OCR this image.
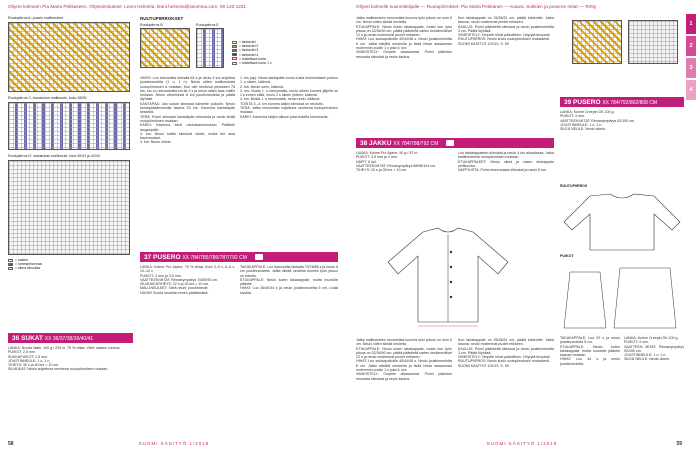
Ohjeet kolmeen Pia Maria Pekkaseen. Ohjetoimitukset: Leoni Helmiria, leoni.helmiria@ssomma.com, 09 123 1231
Ruutupiirros A: pussin mallineuleet
Ruutupiirros C: tumatorsin mallineule, koko 38/39
Ruutupiirros D: varsisukan mallineule, koot 40/41 ja 42/43
= vaalea
= tummanharmaa
= oikea silmukka
RUUTUPIIRROKSET
Ruutupiirros B	Ruutupiirros E
= lankaväri
= lankaväri 2
= lankaväri 3
= lankaväri 4
= toistettava kuvio
= toistettava kuvio 1 x
VARSI: Luo turkoosilla lankalla 64 s ja neulo 4 krs suljettua joustinneuletta (1 o, 1 n). Neulo sitten mallineuletta ruutupiirroksen A mukaan. Kun olet neulonut piirroksen 78 krs, luo s:n seuraavalla krs:lla 2 s ja neulo sitten taas mallin mukaan. Neulo viimeiseksi 8 krs joustinneuletta ja päätä löyhästi.
KANTAPÄÄ: Jaa sukan silmukat kahdelle puikolle. Neulo kantapääsilmukoilla tasona 20 krs. Kavenna kantaläpän keskellä.
TERÄ: Poimi silmukat kantaläpän reunoista ja neulo terää ruutupiirroksen mukaan.
KÄRKI: Kavenna kärki nauhakavennuksin. Päättele langanpäät.
3. krs: Neulo kaikki silmukat oikein, mutta tee aina kavennukset.
4. krs: Neulo oikein.
1. krs (ap): Neulo kantapään keski-s:ista ensimmäisen puikon 1. s oikein, käännä.
2. krs: Neulo nurin, käännä.
3. krs: Nosta 1. s neulomatta, neulo oikein kunnes jäljellä on 1 s ennen väliä, neulo 2 s oikein yhteen, käännä.
4. krs: Nosta 1. s neulomatta, neulo nurin, käännä.
TOISTA 3.–4. krs kunnes kaikki silmukat on neulottu.
TERÄ: Jatka neulomista suljettuna neuleena ruutupiirroksen mukaan.
KÄRKI: Kavenna kärjen alkuun joka toisella kerroksella.
37 PUSERO XX 784/785/786/787/792 CM
LANKA: Kolme Pro Alpine, 70 % villaa. Koot 3–5 v, 6–8 v, 10–12 v.
PUIKOT: 3 mm ja 3,5 mm.
VAATTEEN MITAT: Rinnanympärys 70/80/90 cm.
SILMUKKATIHEYS: 22 s ja 30 krs = 10 cm.
MALLINEULEET: Sileä neule, joustinneule.
HUOM! Sovita neuletta ennen päättämistä.
TAKAKAPPALE: Luo turkoosilla lankalla 70/78/86 s ja neulo 6 cm joustinneuletta. Jatka sileää neuletta kunnes työn pituus on haluttu.
ETUKAPPALE: Neulo kuten takakappale, mutta muotoile pääntie.
HIHAT: Luo 36/40/44 s ja neulo joustinneuletta 5 cm. Lisää sivuilta.
36 SUKAT XX 36/37/38/39/40/41
LANKA: Novita Nalle, 100 g / 225 m, 75 % villaa. Värit: vaalea, tumma.
PUIKOT: 2,5 mm.
SUKKAPUIKOT: 2,5 mm.
JOUSTINNEULE: 1 o, 1 n.
TIHEYS: 30 s ja 40 krs = 10 cm.
SILMUKAT: Neulo suljettuna neuleena ruutupiirroksen mukaan.
58	SUOMI KÄSITYÖ 1/2019
Ohjeet kolmelle suunnittelijalle — Ruutupiirrokset: Pia Maria Pekkanen — Kaava: Sukkien ja puseron mitat — Tehty
1
2
3
4
Jatka mallineuleen neulomista kunnes työn pituus on noin 6 cm. Neulo sitten sileää neuletta.
ETUKAPPALE: Neulo kuten takakappale, mutta kun työn pituus on 32/36/40 cm, päätä pääntietä varten keskimmäiset 12 s ja neulo molemmat puolet erikseen.
HIHAT: Luo sukkapuikoille 40/44/48 s. Neulo joustinneuletta 6 cm. Jatka sileällä neuleella ja lisää hihan alasauman molemmin puolin 1 s joka 6. krs.
VIIMEISTELY: Ompele olkasaumat. Poimi pääntien reunasta silmukat ja neulo kaulus.
Kun takakappale on 25/28/31 cm, päätä kädentiet. Jatka tasona, neulo molemmat puolet erikseen.
KAULUS: Poimi pääntieltä silmukat ja neulo joustinneuletta 3 cm. Päätä löyhästi.
VIIMEISTELY: Ompele hihat paikoilleen. Höyrytä kevyesti.
RUUTUPIIRROS: Neulo kuvio ruutupiirroksen mukaisesti.
SUOMI KÄSITYÖ 1/2019, S. 59
38 JAKKU XX 784/788/792 CM
LANKA: Kolme Pro Alpine, 50 g / 87 m.
PUIKOT: 3,5 mm ja 4 mm.
NAPIT: 6 kpl.
VAATTEEN MITAT: Rinnanympärys 88/96/104 cm.
TIHEYS: 20 s ja 28 krs = 10 cm.
Luo takakappaleen silmukat ja neulo 4 krs ainaoikeaa. Jatka mallineuleella ruutupiirroksen mukaan.
ETUKAPPALEET: Neulo oikea ja vasen etukappale peilikuvina.
NAPPILISTA: Poimi etureunasta silmukat ja neulo 6 krs.
Jatka mallineuleen neulomista kunnes työn pituus on noin 6 cm. Neulo sitten sileää neuletta.
ETUKAPPALE: Neulo kuten takakappale, mutta kun työn pituus on 32/36/40 cm, päätä pääntietä varten keskimmäiset 12 s ja neulo molemmat puolet erikseen.
HIHAT: Luo sukkapuikoille 40/44/48 s. Neulo joustinneuletta 6 cm. Jatka sileällä neuleella ja lisää hihan alasauman molemmin puolin 1 s joka 6. krs.
VIIMEISTELY: Ompele olkasaumat. Poimi pääntien reunasta silmukat ja neulo kaulus.
Kun takakappale on 25/28/31 cm, päätä kädentiet. Jatka tasona, neulo molemmat puolet erikseen.
KAULUS: Poimi pääntieltä silmukat ja neulo joustinneuletta 3 cm. Päätä löyhästi.
VIIMEISTELY: Ompele hihat paikoilleen. Höyrytä kevyesti.
RUUTUPIIRROS: Neulo kuvio ruutupiirroksen mukaisesti.
SUOMI KÄSITYÖ 1/2019, S. 59
39 PUSERO XX 784/792/802/808 CM
LANKA: Kolme Creepin DK 100 g.
PUIKOT: 4 mm.
VAATTEEN MITAT: Rinnanympärys 92/100 cm.
JOUSTINNEULE: 1 o, 1 n.
SILEÄ NEULE: Neulo oikein.
RUUTUPIIRROS
PUIKOT
TAKAKAPPALE: Luo 92 s ja neulo joustinneuletta 5 cm.
ETUKAPPALE: Neulo kuten takakappale, mutta muotoile pääntie kaavan mukaan.
HIHAT: Luo 44 s ja neulo joustinneuletta.
LANKA: Kolme Creepin DK 100 g.
PUIKOT: 4 mm.
VAATTEEN MITAT: Rinnanympärys 92/100 cm.
JOUSTINNEULE: 1 o, 1 n.
SILEÄ NEULE: Neulo oikein.
SUOMI KÄSITYÖ 1/2019	59
